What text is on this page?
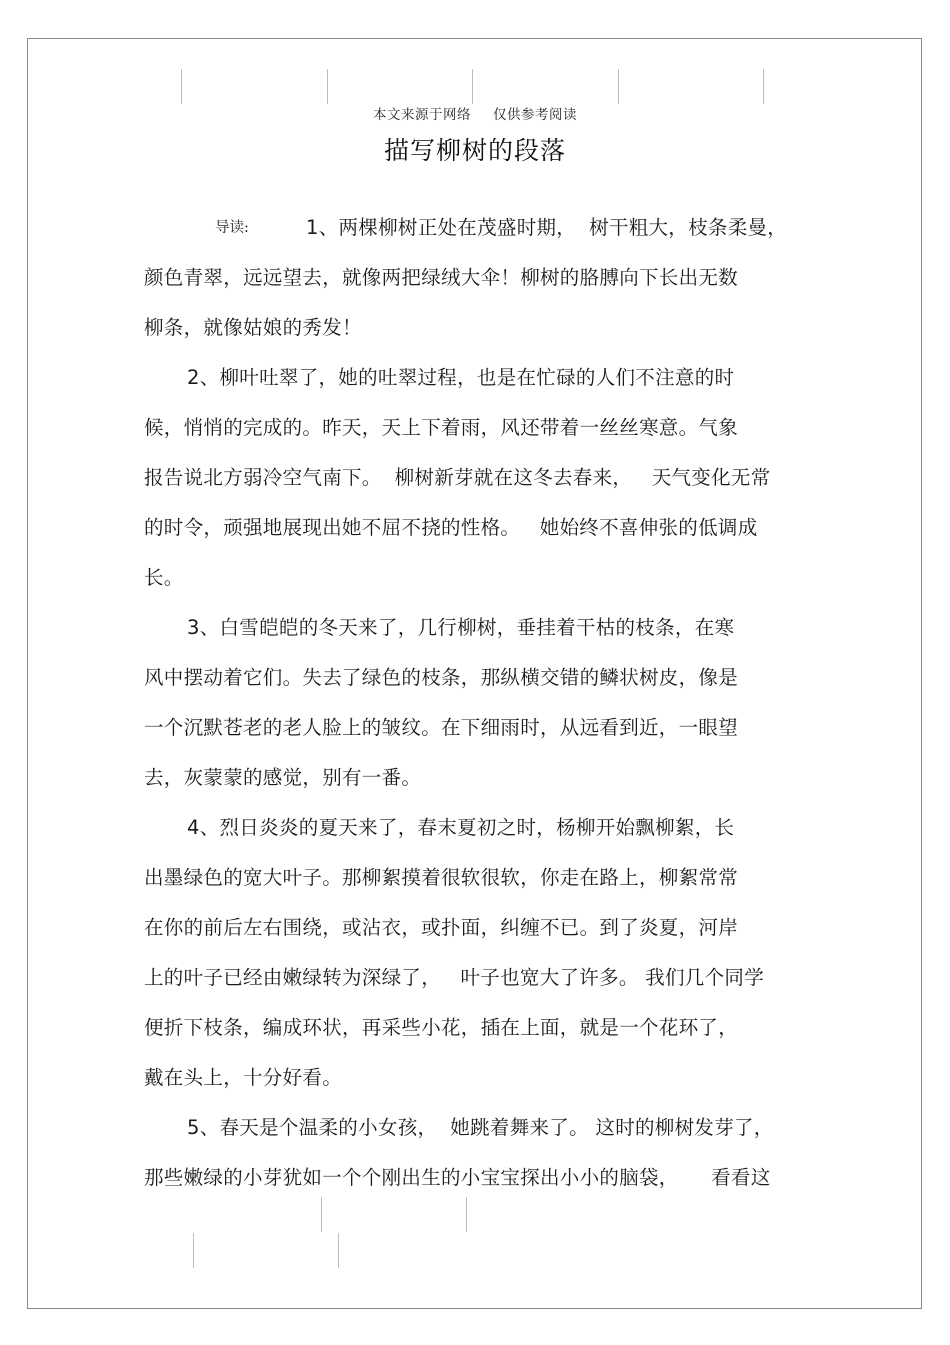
本文来源于网络 仅供参考阅读
描写柳树的段落
导读:	1、两棵柳树正处在茂盛时期，  树干粗大，枝条柔曼，
颜色青翠，远远望去，就像两把绿绒大伞！柳树的胳膊向下长出无数
柳条，就像姑娘的秀发！
2、柳叶吐翠了，她的吐翠过程，也是在忙碌的人们不注意的时
候，悄悄的完成的。昨天，天上下着雨，风还带着一丝丝寒意。气象
报告说北方弱冷空气南下。  柳树新芽就在这冬去春来，   天气变化无常
的时令，顽强地展现出她不屈不挠的性格。   她始终不喜伸张的低调成
长。
3、白雪皑皑的冬天来了，几行柳树，垂挂着干枯的枝条，在寒
风中摆动着它们。失去了绿色的枝条，那纵横交错的鳞状树皮，像是
一个沉默苍老的老人脸上的皱纹。在下细雨时，从远看到近，一眼望
去，灰蒙蒙的感觉，别有一番。
4、烈日炎炎的夏天来了，春末夏初之时，杨柳开始飘柳絮，长
出墨绿色的宽大叶子。那柳絮摸着很软很软，你走在路上，柳絮常常
在你的前后左右围绕，或沾衣，或扑面，纠缠不已。到了炎夏，河岸
上的叶子已经由嫩绿转为深绿了，   叶子也宽大了许多。 我们几个同学
便折下枝条，编成环状，再采些小花，插在上面，就是一个花环了，
戴在头上，十分好看。
5、春天是个温柔的小女孩，  她跳着舞来了。 这时的柳树发芽了，
那些嫩绿的小芽犹如一个个刚出生的小宝宝探出小小的脑袋，     看看这
